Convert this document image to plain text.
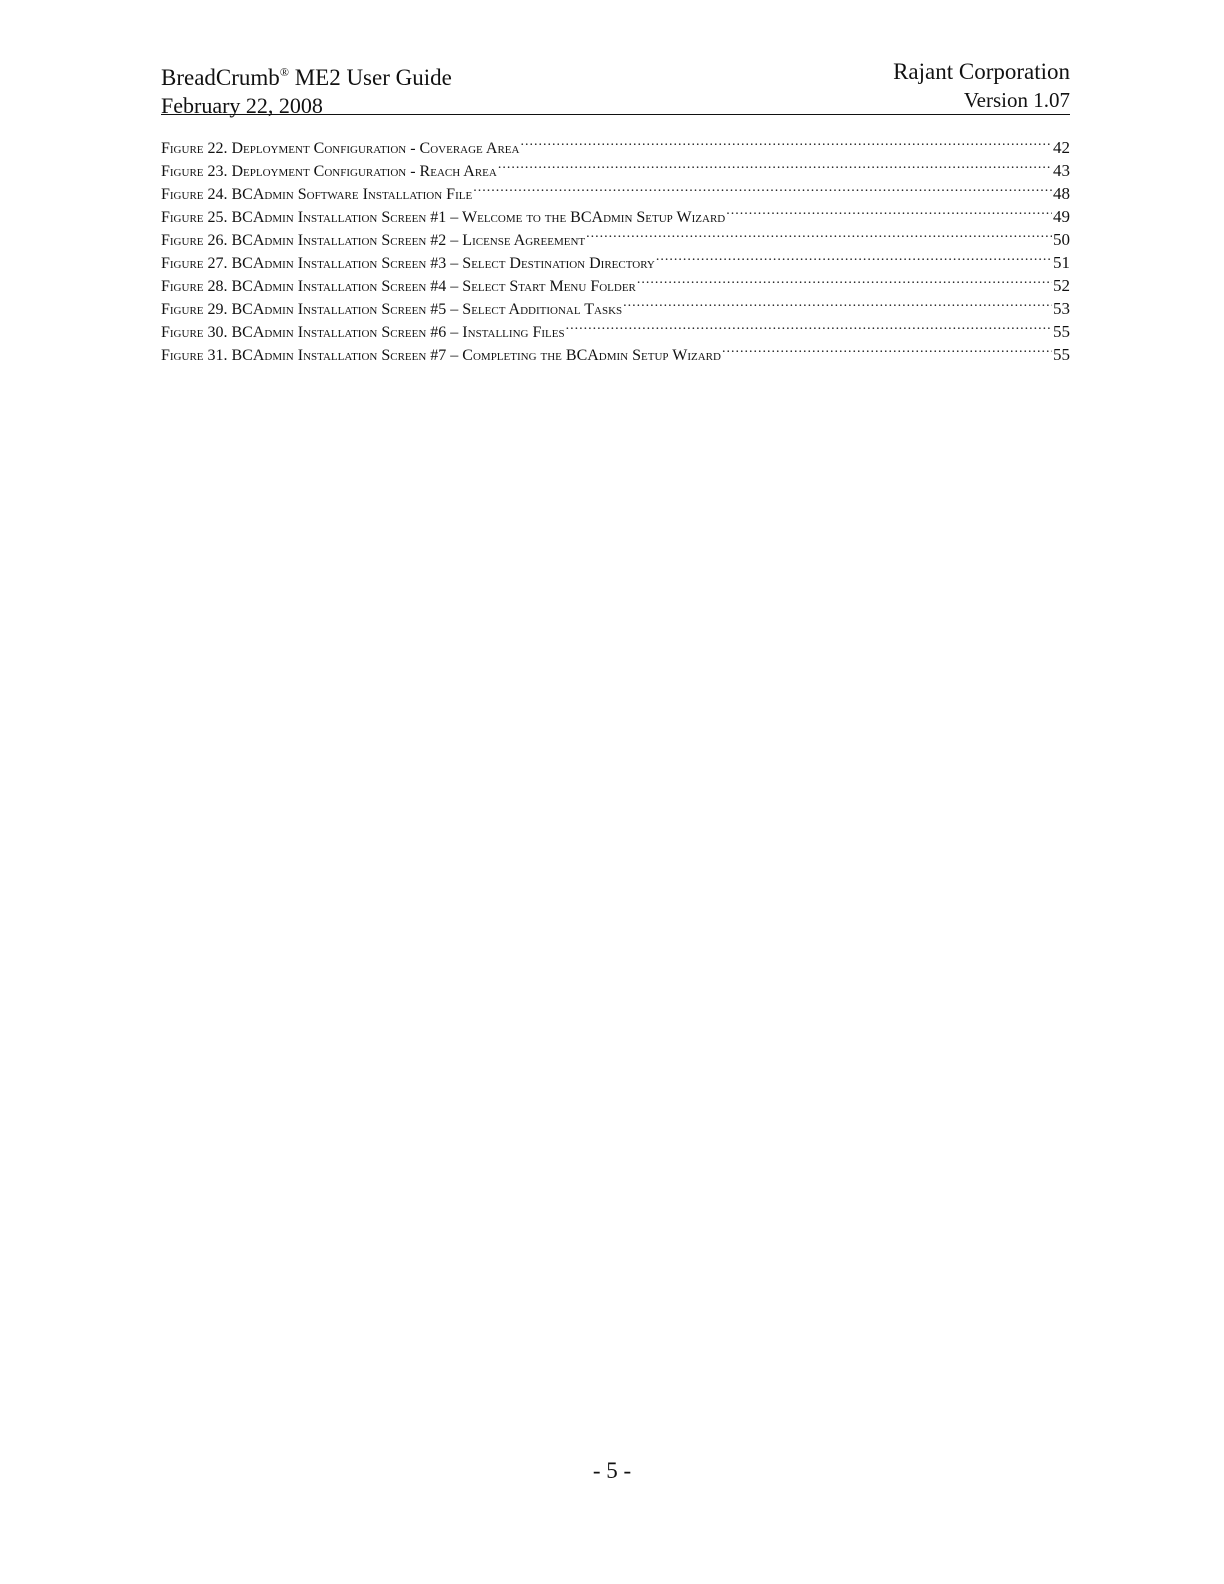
BreadCrumb® ME2 User Guide
February 22, 2008
Rajant Corporation
Version 1.07
Figure 22. Deployment Configuration - Coverage Area .....	42
Figure 23. Deployment Configuration - Reach Area .....	43
Figure 24. BCAdmin Software Installation File .....	48
Figure 25. BCAdmin Installation Screen #1 – Welcome to the BCAdmin Setup Wizard .....	49
Figure 26. BCAdmin Installation Screen #2 – License Agreement .....	50
Figure 27. BCAdmin Installation Screen #3 – Select Destination Directory .....	51
Figure 28. BCAdmin Installation Screen #4 – Select Start Menu Folder .....	52
Figure 29. BCAdmin Installation Screen #5 – Select Additional Tasks .....	53
Figure 30. BCAdmin Installation Screen #6 – Installing Files .....	55
Figure 31. BCAdmin Installation Screen #7 – Completing the BCAdmin Setup Wizard .....	55
- 5 -
